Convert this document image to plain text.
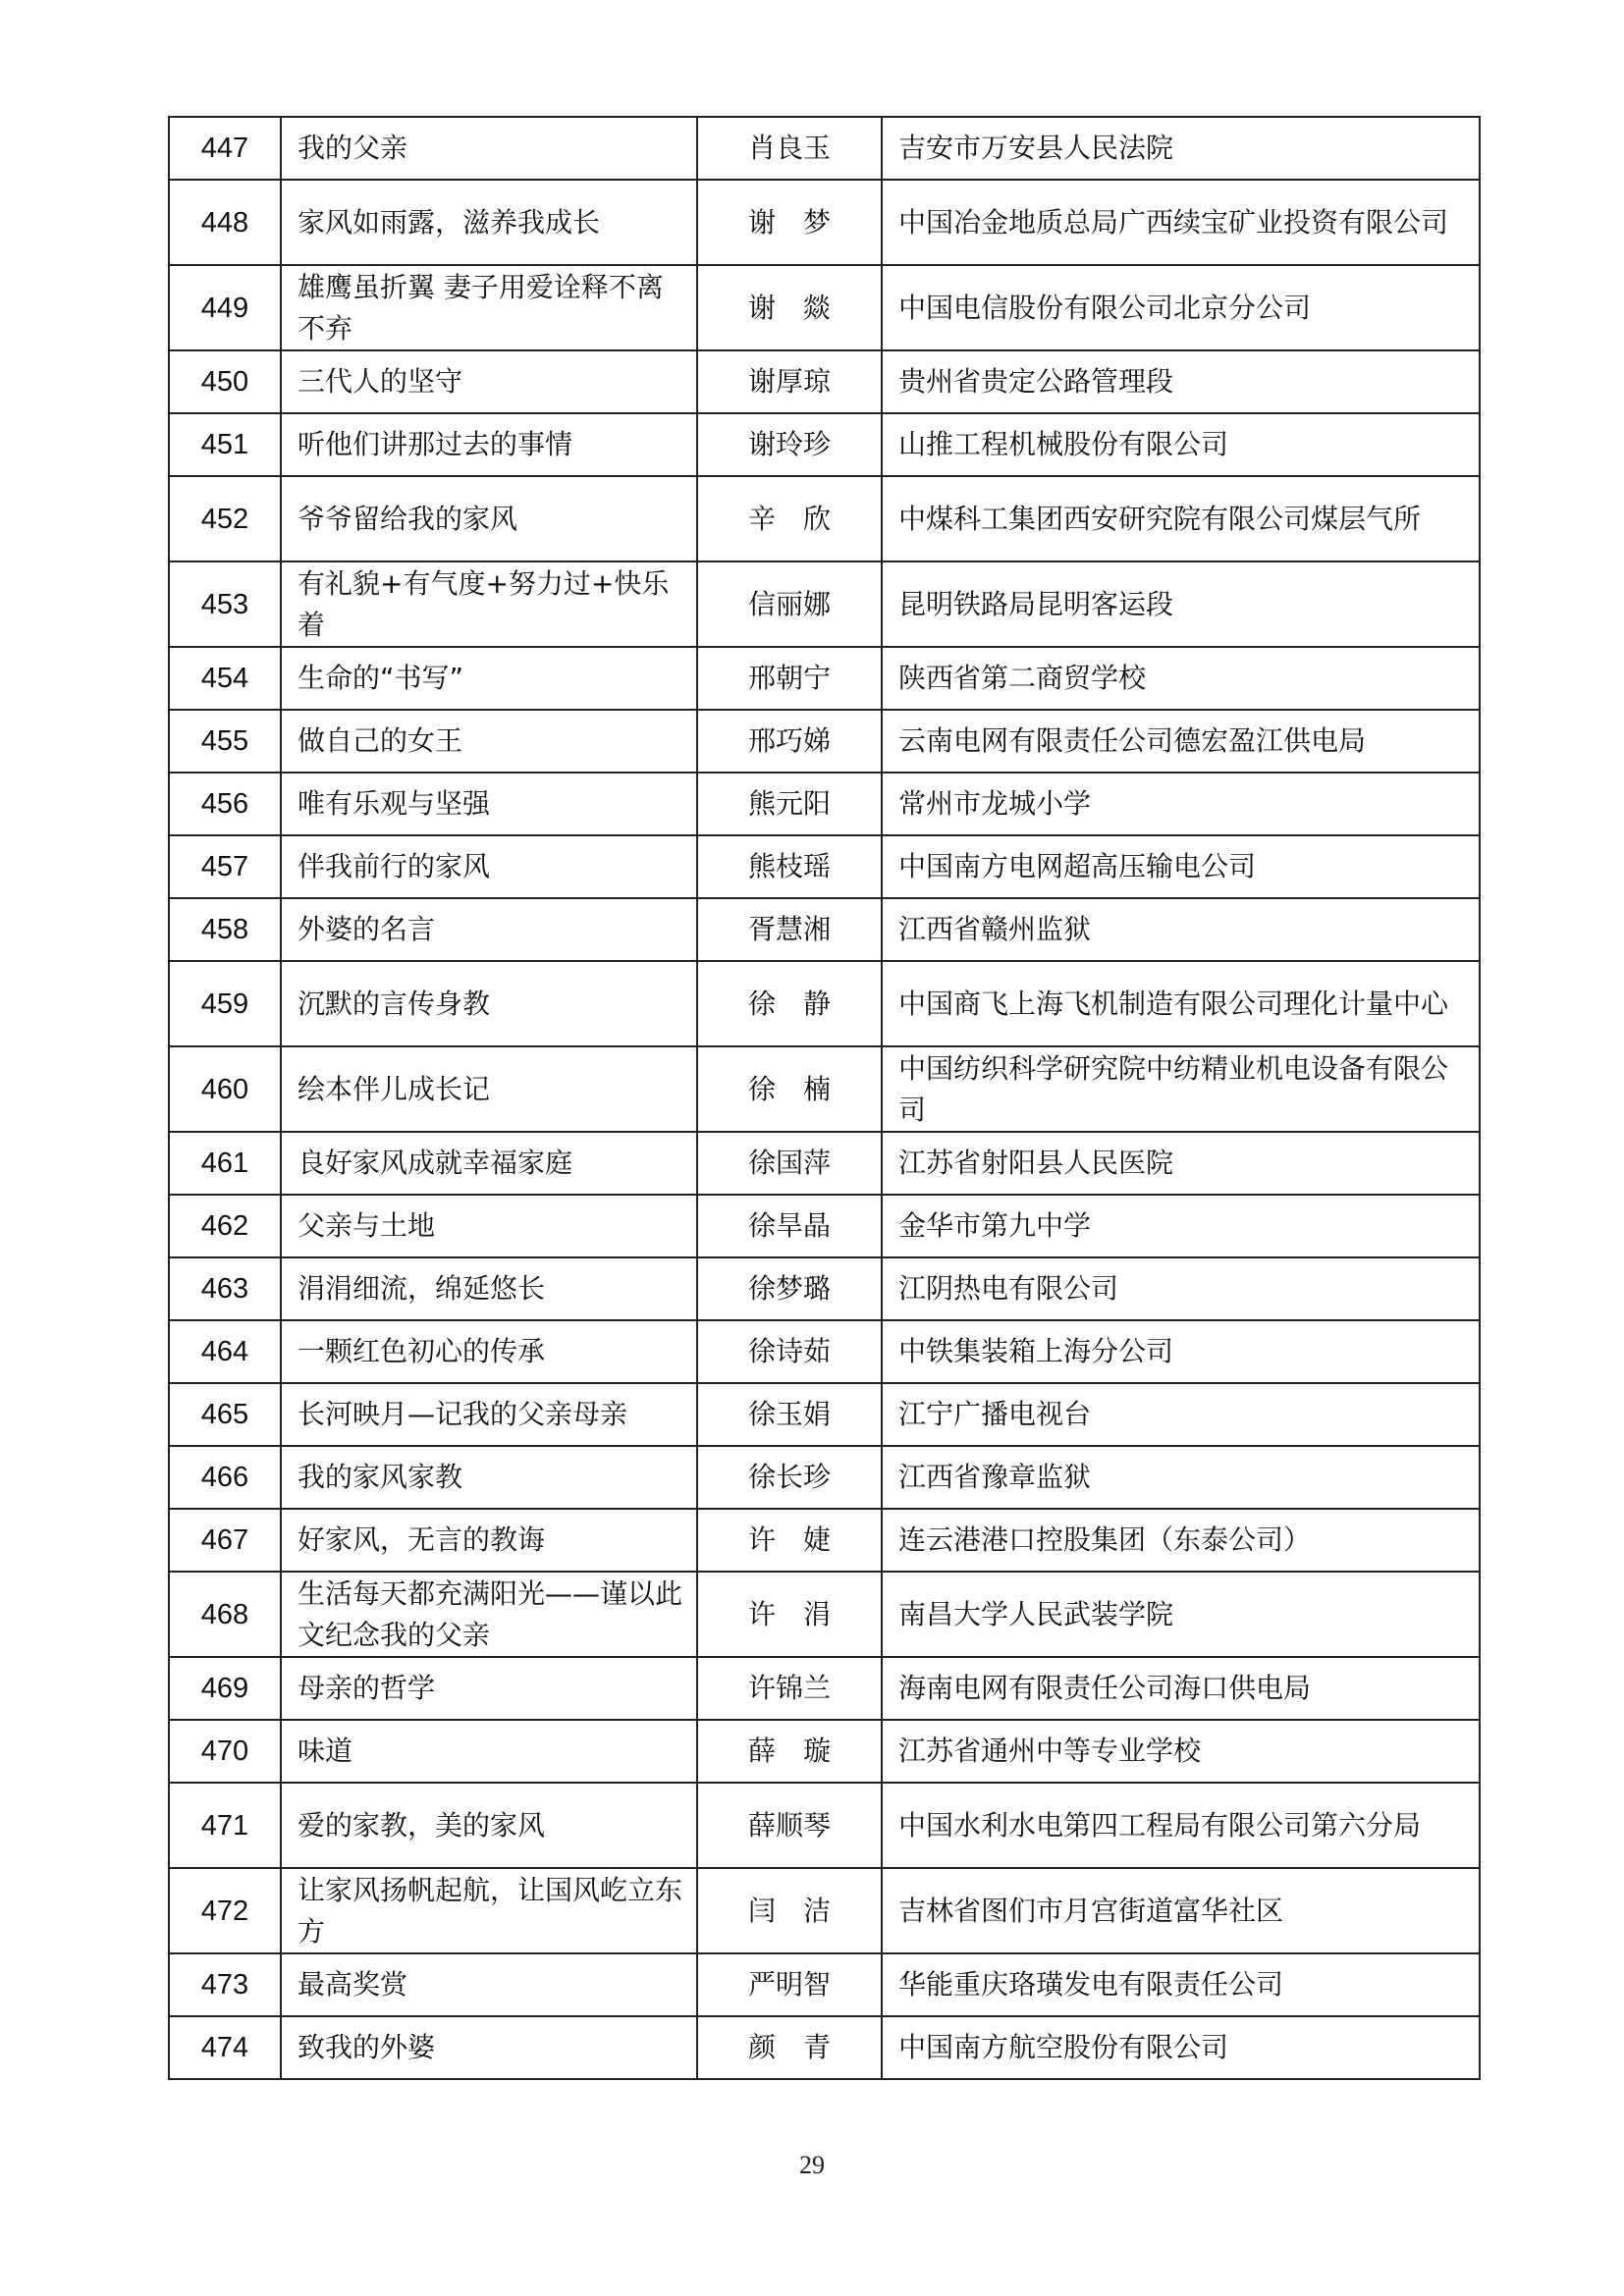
447	我的父亲	肖良玉	吉安市万安县人民法院
448	家风如雨露，滋养我成长	谢　梦	中国冶金地质总局广西续宝矿业投资有限公司
449	雄鹰虽折翼 妻子用爱诠释不离不弃	谢　燚	中国电信股份有限公司北京分公司
450	三代人的坚守	谢厚琼	贵州省贵定公路管理段
451	听他们讲那过去的事情	谢玲珍	山推工程机械股份有限公司
452	爷爷留给我的家风	辛　欣	中煤科工集团西安研究院有限公司煤层气所
453	有礼貌+有气度+努力过+快乐着	信丽娜	昆明铁路局昆明客运段
454	生命的“书写”	邢朝宁	陕西省第二商贸学校
455	做自己的女王	邢巧娣	云南电网有限责任公司德宏盈江供电局
456	唯有乐观与坚强	熊元阳	常州市龙城小学
457	伴我前行的家风	熊枝瑶	中国南方电网超高压输电公司
458	外婆的名言	胥慧湘	江西省赣州监狱
459	沉默的言传身教	徐　静	中国商飞上海飞机制造有限公司理化计量中心
460	绘本伴儿成长记	徐　楠	中国纺织科学研究院中纺精业机电设备有限公司
461	良好家风成就幸福家庭	徐国萍	江苏省射阳县人民医院
462	父亲与土地	徐旱晶	金华市第九中学
463	涓涓细流，绵延悠长	徐梦璐	江阴热电有限公司
464	一颗红色初心的传承	徐诗茹	中铁集装箱上海分公司
465	长河映月—记我的父亲母亲	徐玉娟	江宁广播电视台
466	我的家风家教	徐长珍	江西省豫章监狱
467	好家风，无言的教诲	许　婕	连云港港口控股集团（东泰公司）
468	生活每天都充满阳光——谨以此文纪念我的父亲	许　涓	南昌大学人民武装学院
469	母亲的哲学	许锦兰	海南电网有限责任公司海口供电局
470	味道	薛　璇	江苏省通州中等专业学校
471	爱的家教，美的家风	薛顺琴	中国水利水电第四工程局有限公司第六分局
472	让家风扬帆起航，让国风屹立东方	闫　洁	吉林省图们市月宫街道富华社区
473	最高奖赏	严明智	华能重庆珞璜发电有限责任公司
474	致我的外婆	颜　青	中国南方航空股份有限公司
29
